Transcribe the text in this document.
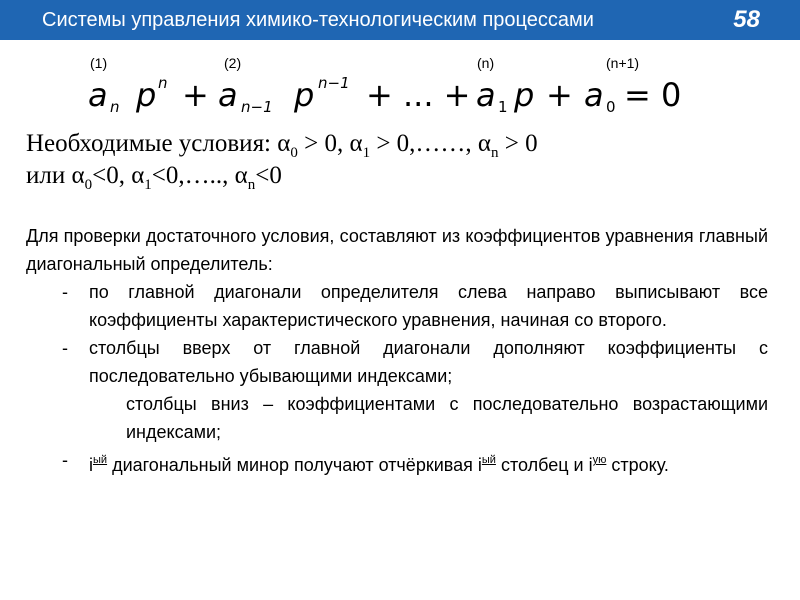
Системы управления химико-технологическим процессами	58
(1)	(2)	(n)	(n+1)
a n p n + a n−1 p n−1 + ... + a 1 p + a 0 = 0
Необходимые условия: $\alpha_0 > 0$, $\alpha_1$ > 0,……, $\alpha_n > 0$
или $\alpha_0<0$, $\alpha_1<0,\dots$.., $\alpha_n<0$

Для проверки достаточного условия, составляют из коэффициентов уравнения главный диагональный определитель:

- по главной диагонали определителя слева направо выписывают все коэффициенты характеристического уравнения, начиная со второго.
- столбцы вверх от главной диагонали дополняют коэффициенты с последовательно убывающими индексами;
столбцы вниз – коэффициентами с последовательно возрастающими индексами;
- $i^{ый}$ диагональный минор получают отчёркивая $i^{ый}$ столбец и $i^{ую}$ строку.
